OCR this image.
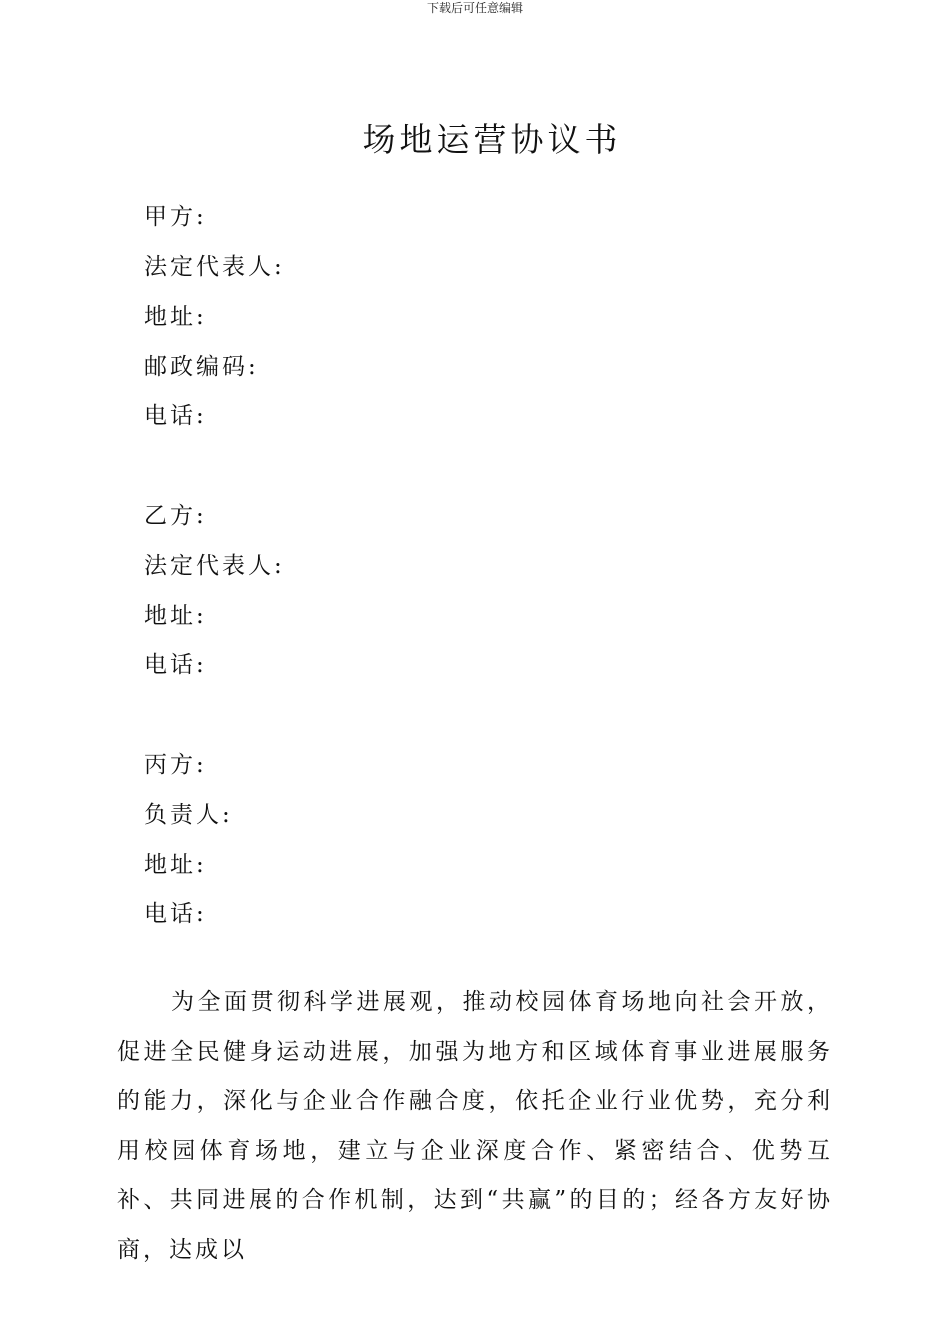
下载后可任意编辑
场地运营协议书
甲方:
法定代表人:
地址:
邮政编码:
电话:
乙方:
法定代表人:
地址:
电话:
丙方:
负责人:
地址:
电话:

为全面贯彻科学进展观，推动校园体育场地向社会开放，促进全民健身运动进展，加强为地方和区域体育事业进展服务的能力，深化与企业合作融合度，依托企业行业优势，充分利用校园体育场地，建立与企业深度合作、紧密结合、优势互补、共同进展的合作机制，达到“共赢”的目的；经各方友好协商，达成以
